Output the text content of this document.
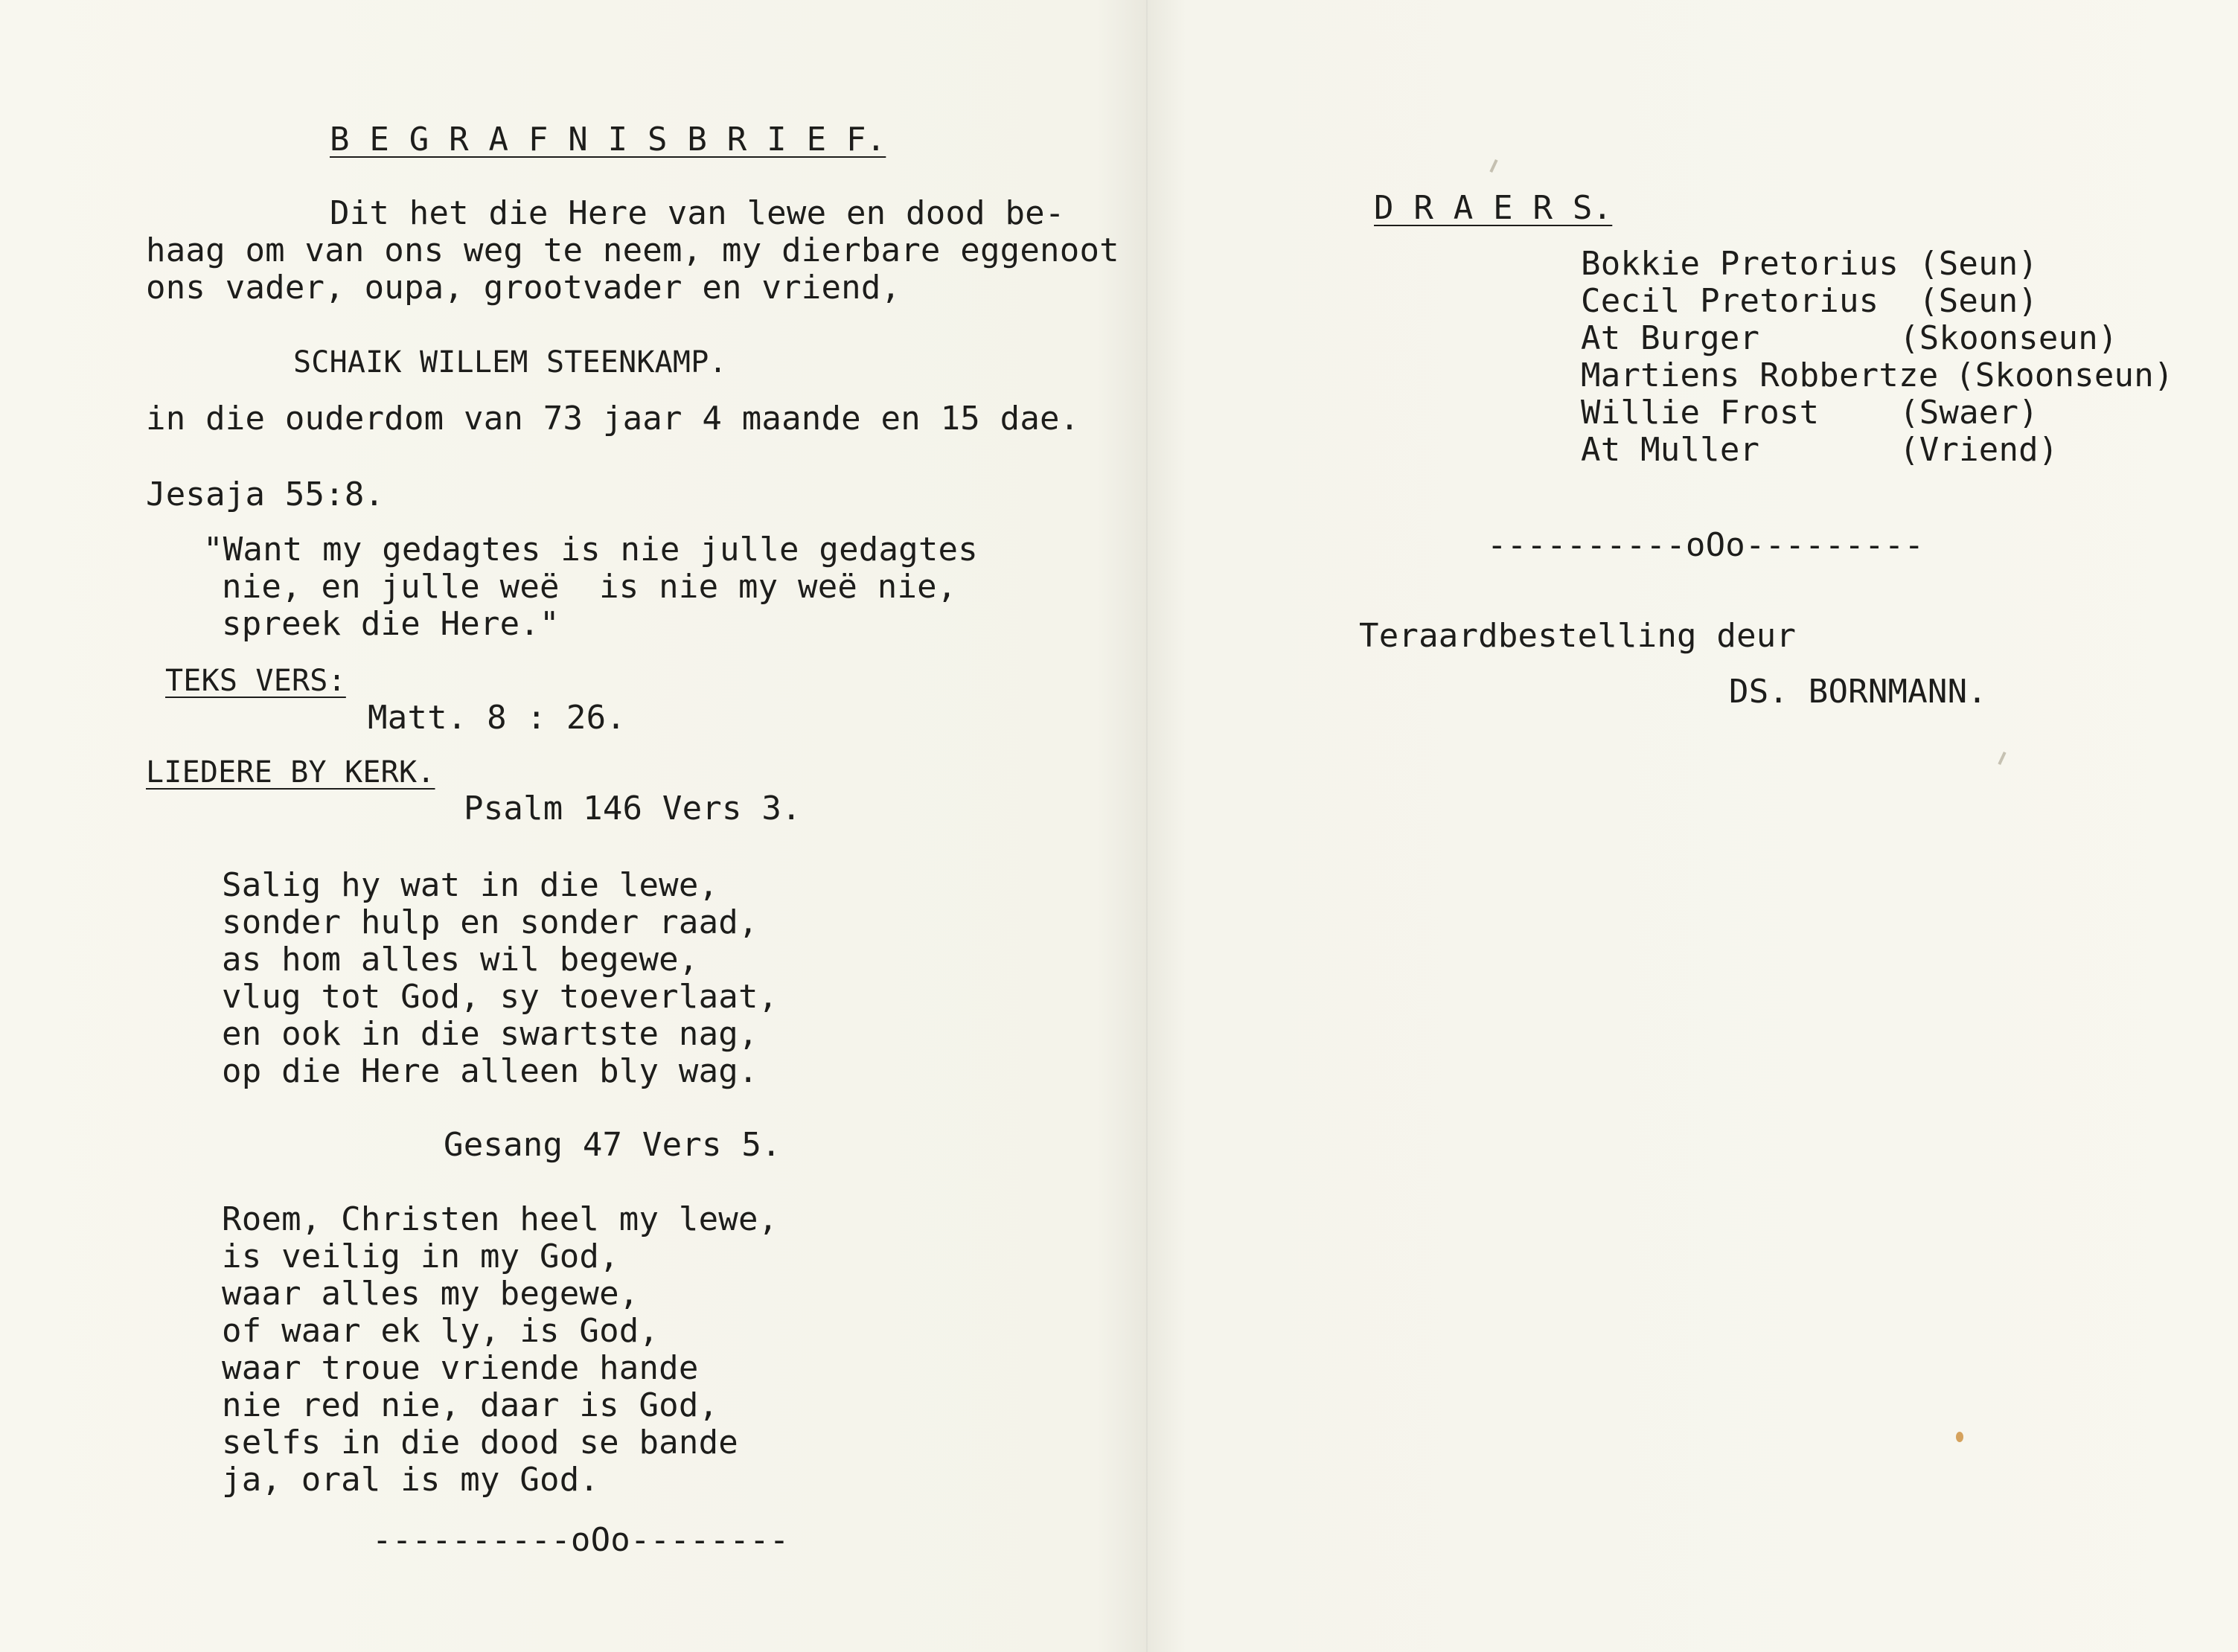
B E G R A F N I S B R I E F.
Dit het die Here van lewe en dood be-
haag om van ons weg te neem, my dierbare eggenoot
ons vader, oupa, grootvader en vriend,
SCHAIK WILLEM STEENKAMP.
in die ouderdom van 73 jaar 4 maande en 15 dae.
Jesaja 55:8.
"Want my gedagtes is nie julle gedagtes
nie, en julle weë  is nie my weë nie,
spreek die Here."
TEKS VERS:
Matt. 8 : 26.
LIEDERE BY KERK.
Psalm 146 Vers 3.
Salig hy wat in die lewe,
sonder hulp en sonder raad,
as hom alles wil begewe,
vlug tot God, sy toeverlaat,
en ook in die swartste nag,
op die Here alleen bly wag.
Gesang 47 Vers 5.
Roem, Christen heel my lewe,
is veilig in my God,
waar alles my begewe,
of waar ek ly, is God,
waar troue vriende hande
nie red nie, daar is God,
selfs in die dood se bande
ja, oral is my God.
----------oOo--------
D R A E R S.
Bokkie Pretorius (Seun)
Cecil Pretorius (Seun)
At Burger	(Skoonseun)
Martiens Robbertze (Skoonseun)
Willie Frost (Swaer)
At Muller	(Vriend)
----------oOo---------
Teraardbestelling deur
DS. BORNMANN.
